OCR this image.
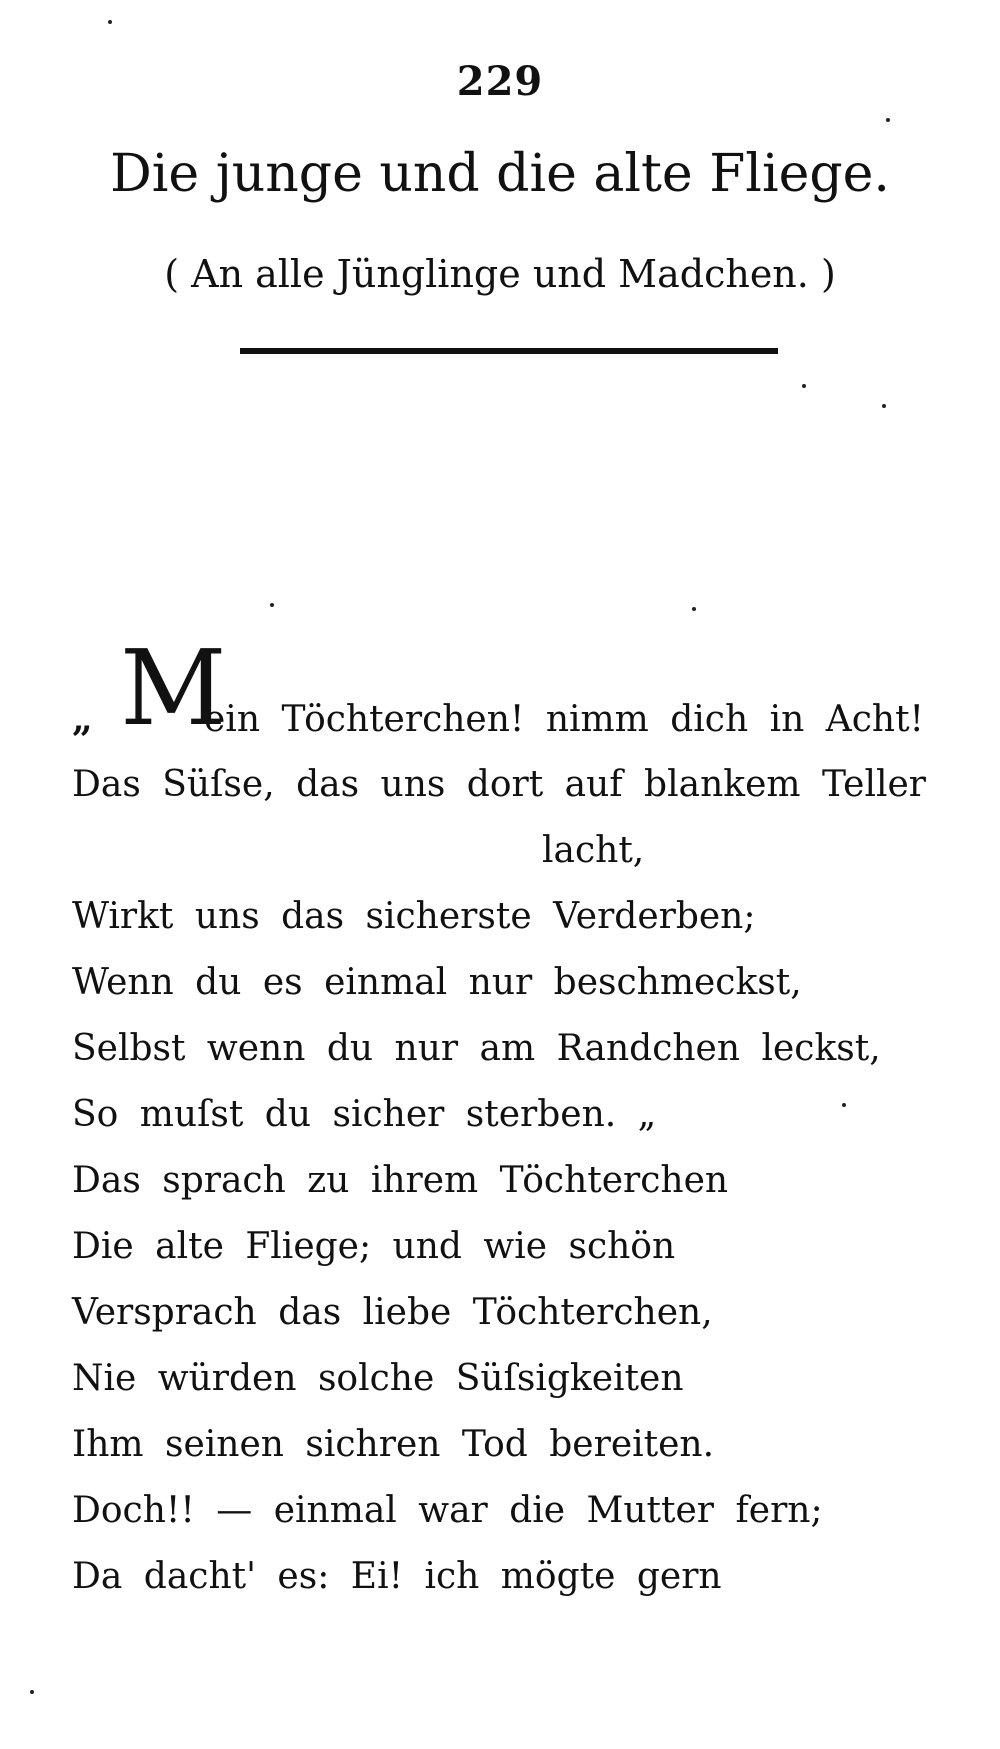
229
Die junge und die alte Fliege.
( An alle Jünglinge und Madchen. )
„ M
ein Töchterchen! nimm dich in Acht!
Das Süſse, das uns dort auf blankem Teller
lacht,
Wirkt uns das sicherste Verderben;
Wenn du es einmal nur beschmeckst,
Selbst wenn du nur am Randchen leckst,
So muſst du sicher sterben. „
Das sprach zu ihrem Töchterchen
Die alte Fliege; und wie schön
Versprach das liebe Töchterchen,
Nie würden solche Süſsigkeiten
Ihm seinen sichren Tod bereiten.
Doch!! — einmal war die Mutter fern;
Da dacht' es: Ei! ich mögte gern
